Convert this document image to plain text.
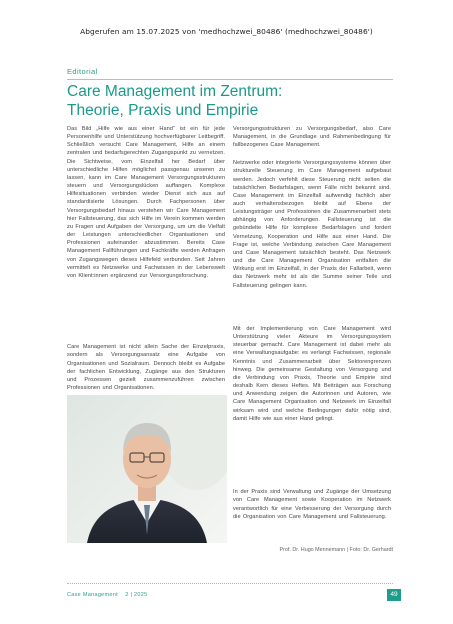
Abgerufen am 15.07.2025 von 'medhochzwei_80486' (medhochzwei_80486')
Editorial
Care Management im Zentrum:
Theorie, Praxis und Empirie

Das Bild „Hilfe wie aus einer Hand“ ist ein für jede Personenhilfe und Unterstützung hochverfügbarer Leitbegriff. Schließlich versucht Care Management, Hilfe an einem zentralen und bedarfsgerechten Zugangspunkt zu vernetzen. Die Sichtweise, vom Einzelfall her Bedarf über unterschiedliche Hilfen möglichst passgenau unseren zu lassen, kann im Care Management Versorgungsstrukturen steuern und Versorgungslücken auffangen. Komplexe Hilfesituationen verbinden wieder Dienst sich aus auf standardisierte Lösungen. Durch Fachpersonen über Versorgungsbedarf hinaus verstehen wir Care Management hier Fallsteuerung, das sich Hilfe im Verein kommen werden zu Fragen und Aufgaben der Versorgung, um um die Vielfalt der Leistungen unterschiedlicher Organisationen und Professionen aufeinander abzustimmen. Bereits Case Management Fallführungen und Fachkräfte werden Anfragen von Zugangswegen dieses Hilfefeld verbunden. Seit Jahren vermittelt es Netzwerke und Fachwissen in der Lebenswelt von Klient:innen ergänzend zur Versorgungsforschung.

Care Management ist nicht allein Sache der Einzelpraxis, sondern als Versorgungsansatz eine Aufgabe von Organisationen und Sozialraum. Dennoch bleibt es Aufgabe der fachlichen Entwicklung, Zugänge aus den Strukturen und Prozessen gezielt zusammenzuführen zwischen Professionen und Organisationen.

Versorgungsstrukturen zu Versorgungsbedarf, also Care Management, in die Grundlage und Rahmenbedingung für fallbezogenes Case Management.

Netzwerke oder integrierte Versorgungssysteme können über strukturelle Steuerung im Care Management aufgebaut werden. Jedoch verfehlt diese Steuerung nicht selten die tatsächlichen Bedarfslagen, wenn Fälle nicht bekannt sind. Case Management im Einzelfall aufwendig fachlich aber auch verhaltensbezogen bleibt auf Ebene der Leistungsträger und Professionen die Zusammenarbeit stets abhängig von Anforderungen. Fallsteuerung ist die gebündelte Hilfe für komplexe Bedarfslagen und fordert Vernetzung, Kooperation und Hilfe aus einer Hand. Die Frage ist, welche Verbindung zwischen Care Management und Case Management tatsächlich besteht. Das Netzwerk und die Care Management Organisation entfalten die Wirkung erst im Einzelfall, in der Praxis der Fallarbeit, wenn das Netzwerk mehr ist als die Summe seiner Teile und Fallsteuerung gelingen kann.

Mit der Implementierung von Care Management wird Unterstützung vieler Akteure im Versorgungssystem steuerbar gemacht. Care Management ist dabei mehr als eine Verwaltungsaufgabe: es verlangt Fachwissen, regionale Kenntnis und Zusammenarbeit über Sektorengrenzen hinweg. Die gemeinsame Gestaltung von Versorgung und die Verbindung von Praxis, Theorie und Empirie sind deshalb Kern dieses Heftes. Mit Beiträgen aus Forschung und Anwendung zeigen die Autorinnen und Autoren, wie Care Management Organisation und Netzwerk im Einzelfall wirksam wird und welche Bedingungen dafür nötig sind, damit Hilfe wie aus einer Hand gelingt.

In der Praxis sind Verwaltung und Zugänge der Umsetzung von Care Management sowie Kooperation im Netzwerk verantwortlich für eine Verbesserung der Versorgung durch die Organisation von Care Management und Fallsteuerung.

Prof. Dr. Hugo Mennemann | Foto: Dr. Gerhardt
Case Management 2 | 2025	49
